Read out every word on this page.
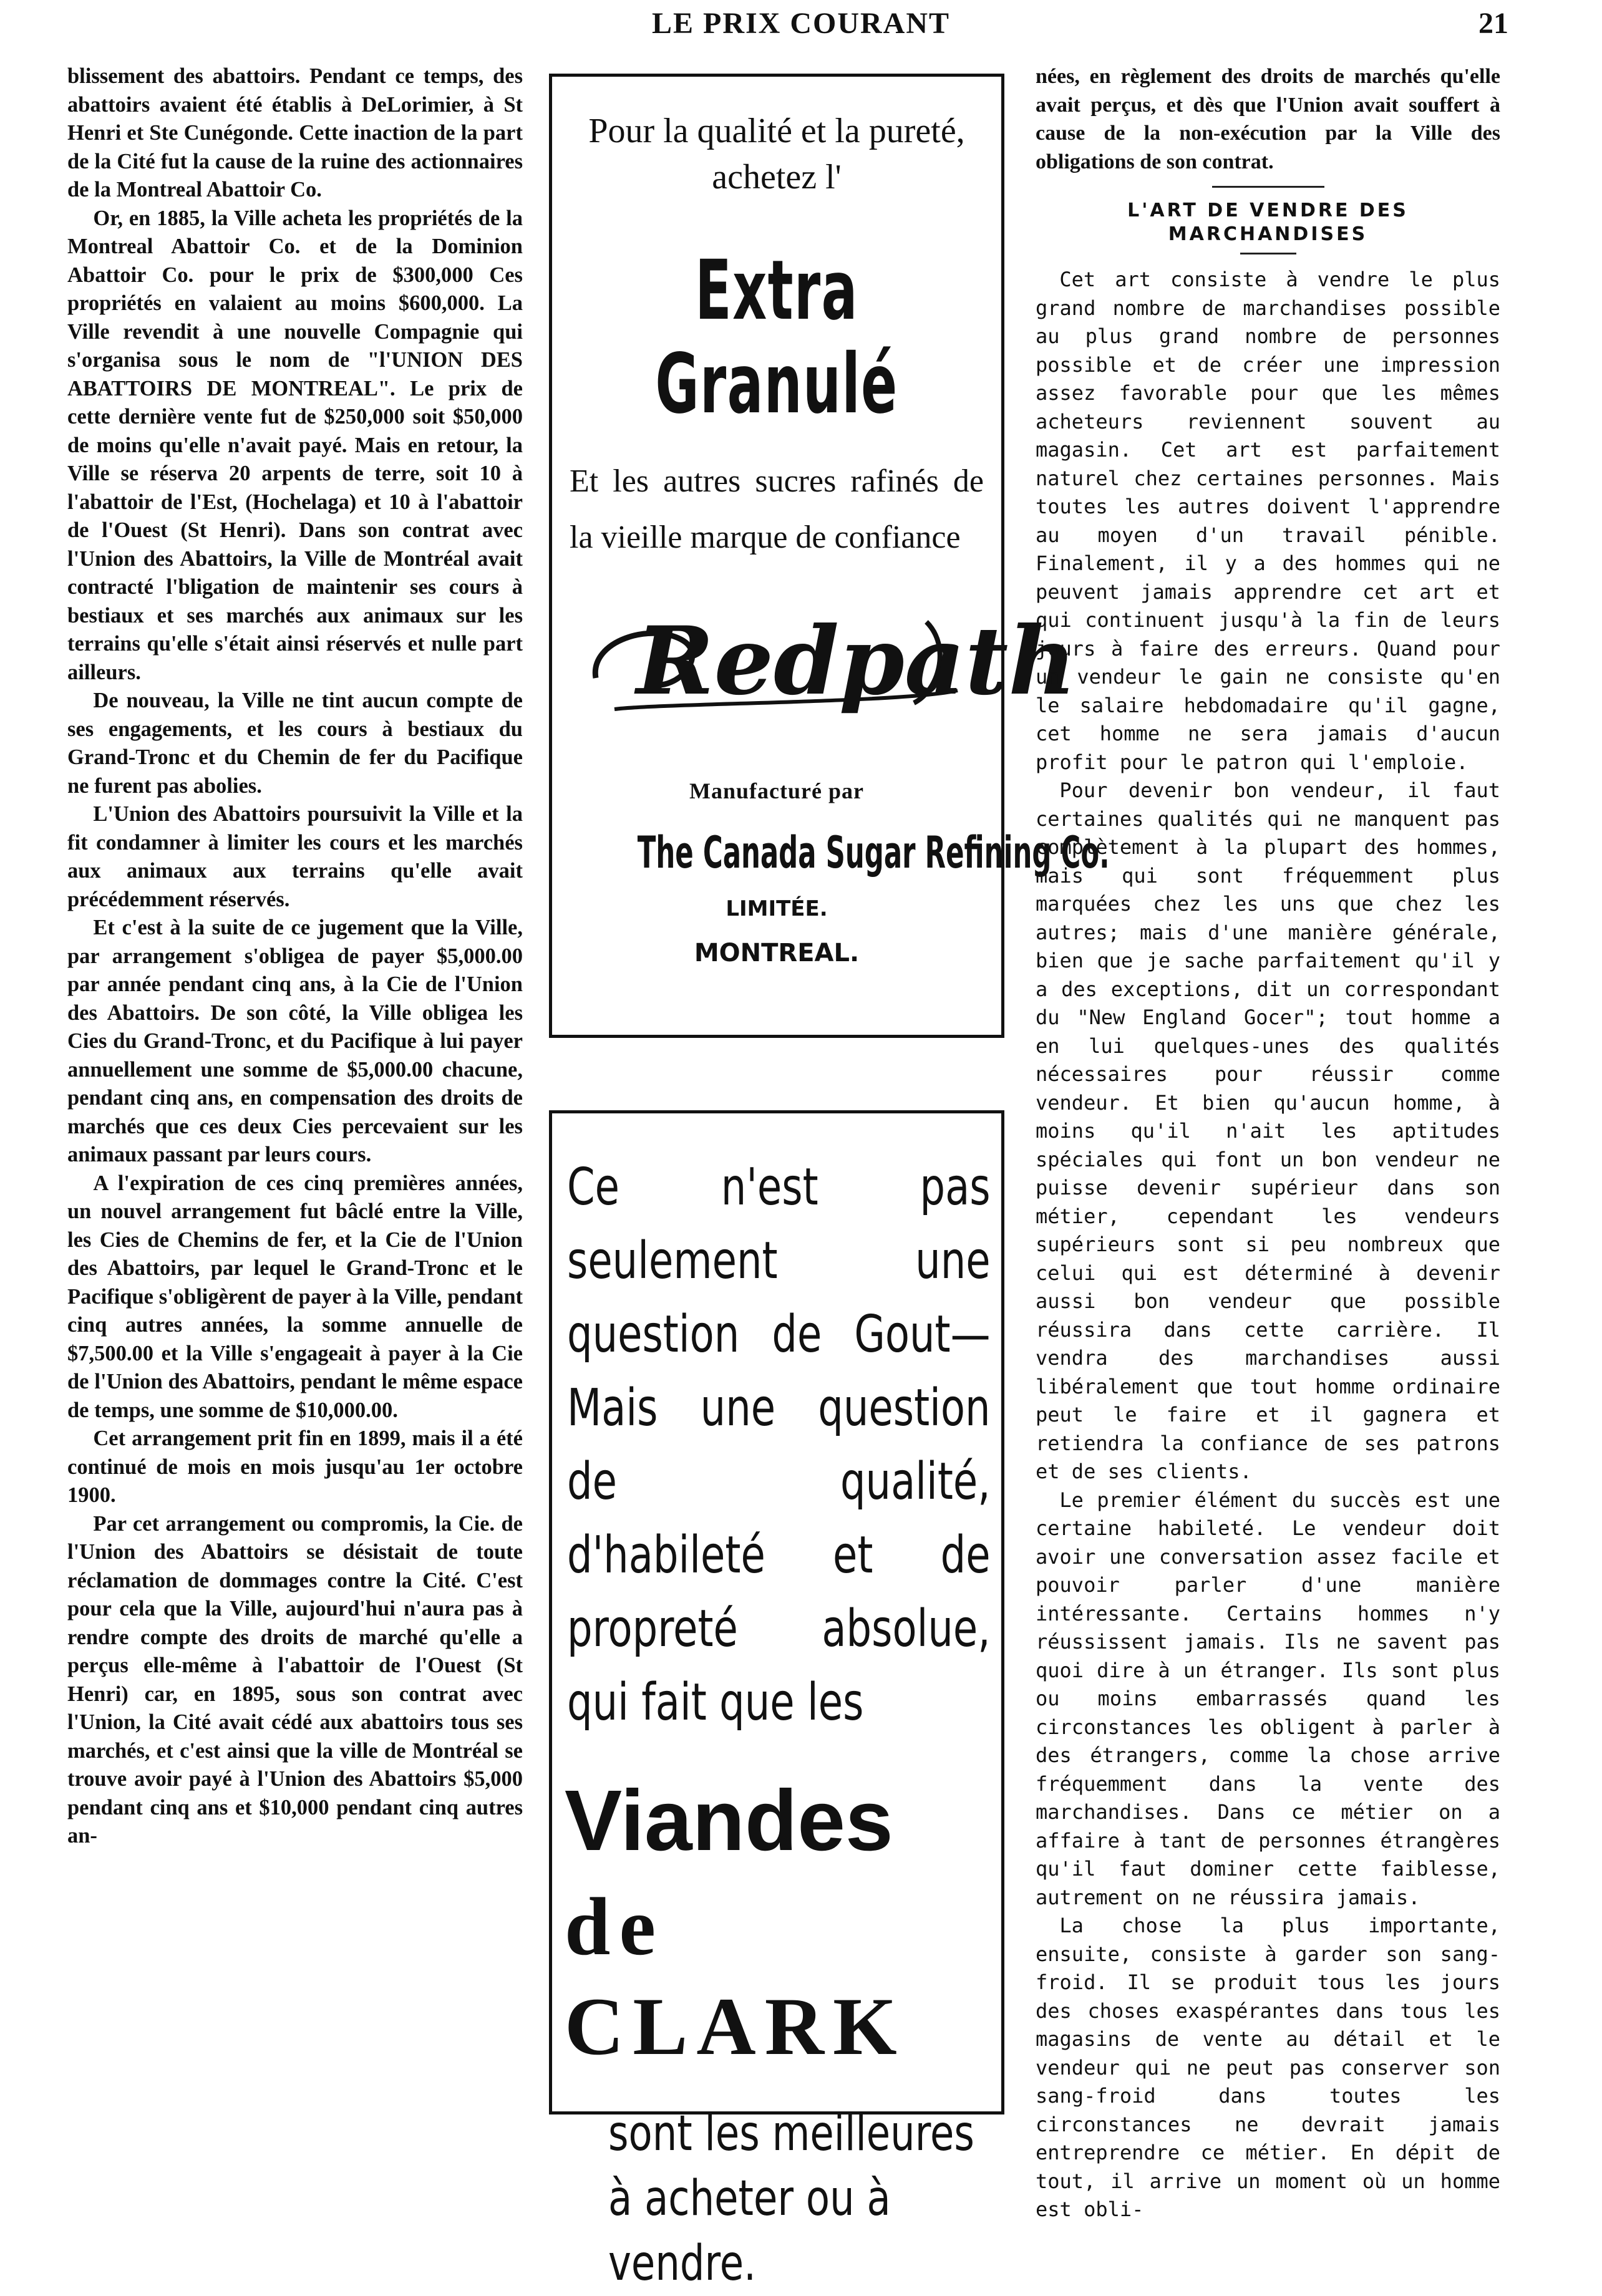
LE PRIX COURANT	21

blissement des abattoirs. Pendant ce temps, des abattoirs avaient été établis à DeLorimier, à St Henri et Ste Cunégonde. Cette inaction de la part de la Cité fut la cause de la ruine des actionnaires de la Montreal Abattoir Co.

Or, en 1885, la Ville acheta les propriétés de la Montreal Abattoir Co. et de la Dominion Abattoir Co. pour le prix de $300,000 Ces propriétés en valaient au moins $600,000. La Ville revendit à une nouvelle Compagnie qui s'organisa sous le nom de "l'UNION DES ABATTOIRS DE MONTREAL". Le prix de cette dernière vente fut de $250,000 soit $50,000 de moins qu'elle n'avait payé. Mais en retour, la Ville se réserva 20 arpents de terre, soit 10 à l'abattoir de l'Est, (Hochelaga) et 10 à l'abattoir de l'Ouest (St Henri). Dans son contrat avec l'Union des Abattoirs, la Ville de Montréal avait contracté l'bligation de maintenir ses cours à bestiaux et ses marchés aux animaux sur les terrains qu'elle s'était ainsi réservés et nulle part ailleurs.

De nouveau, la Ville ne tint aucun compte de ses engagements, et les cours à bestiaux du Grand-Tronc et du Chemin de fer du Pacifique ne furent pas abolies.

L'Union des Abattoirs poursuivit la Ville et la fit condamner à limiter les cours et les marchés aux animaux aux terrains qu'elle avait précédemment réservés.

Et c'est à la suite de ce jugement que la Ville, par arrangement s'obligea de payer $5,000.00 par année pendant cinq ans, à la Cie de l'Union des Abattoirs. De son côté, la Ville obligea les Cies du Grand-Tronc, et du Pacifique à lui payer annuellement une somme de $5,000.00 chacune, pendant cinq ans, en compensation des droits de marchés que ces deux Cies percevaient sur les animaux passant par leurs cours.

A l'expiration de ces cinq premières années, un nouvel arrangement fut bâclé entre la Ville, les Cies de Chemins de fer, et la Cie de l'Union des Abattoirs, par lequel le Grand-Tronc et le Pacifique s'obligèrent de payer à la Ville, pendant cinq autres années, la somme annuelle de $7,500.00 et la Ville s'engageait à payer à la Cie de l'Union des Abattoirs, pendant le même espace de temps, une somme de $10,000.00.

Cet arrangement prit fin en 1899, mais il a été continué de mois en mois jusqu'au 1er octobre 1900.

Par cet arrangement ou compromis, la Cie. de l'Union des Abattoirs se désistait de toute réclamation de dommages contre la Cité. C'est pour cela que la Ville, aujourd'hui n'aura pas à rendre compte des droits de marché qu'elle a perçus elle-même à l'abattoir de l'Ouest (St Henri) car, en 1895, sous son contrat avec l'Union, la Cité avait cédé aux abattoirs tous ses marchés, et c'est ainsi que la ville de Montréal se trouve avoir payé à l'Union des Abattoirs $5,000 pendant cinq ans et $10,000 pendant cinq autres an-

Pour la qualité et la pureté,
achetez l'
Extra Granulé
Et les autres sucres rafinés de la vieille marque de confiance
Redpath
Manufacturé par
The Canada Sugar Refining Co.
LIMITÉE.
MONTREAL.
Ce n'est pas seulement une question de Gout—Mais une question de qualité, d'habileté et de propreté absolue, qui fait que les
Viandes
de CLARK
sont les meilleures à acheter ou à vendre.

nées, en règlement des droits de marchés qu'elle avait perçus, et dès que l'Union avait souffert à cause de la non-exécution par la Ville des obligations de son contrat.

L'ART DE VENDRE DES MARCHANDISES

Cet art consiste à vendre le plus grand nombre de marchandises possible au plus grand nombre de personnes possible et de créer une impression assez favorable pour que les mêmes acheteurs reviennent souvent au magasin. Cet art est parfaitement naturel chez certaines personnes. Mais toutes les autres doivent l'apprendre au moyen d'un travail pénible. Finalement, il y a des hommes qui ne peuvent jamais apprendre cet art et qui continuent jusqu'à la fin de leurs jours à faire des erreurs. Quand pour un vendeur le gain ne consiste qu'en le salaire hebdomadaire qu'il gagne, cet homme ne sera jamais d'aucun profit pour le patron qui l'emploie.

Pour devenir bon vendeur, il faut certaines qualités qui ne manquent pas complètement à la plupart des hommes, mais qui sont fréquemment plus marquées chez les uns que chez les autres; mais d'une manière générale, bien que je sache parfaitement qu'il y a des exceptions, dit un correspondant du "New England Gocer"; tout homme a en lui quelques-unes des qualités nécessaires pour réussir comme vendeur. Et bien qu'aucun homme, à moins qu'il n'ait les aptitudes spéciales qui font un bon vendeur ne puisse devenir supérieur dans son métier, cependant les vendeurs supérieurs sont si peu nombreux que celui qui est déterminé à devenir aussi bon vendeur que possible réussira dans cette carrière. Il vendra des marchandises aussi libéralement que tout homme ordinaire peut le faire et il gagnera et retiendra la confiance de ses patrons et de ses clients.

Le premier élément du succès est une certaine habileté. Le vendeur doit avoir une conversation assez facile et pouvoir parler d'une manière intéressante. Certains hommes n'y réussissent jamais. Ils ne savent pas quoi dire à un étranger. Ils sont plus ou moins embarrassés quand les circonstances les obligent à parler à des étrangers, comme la chose arrive fréquemment dans la vente des marchandises. Dans ce métier on a affaire à tant de personnes étrangères qu'il faut dominer cette faiblesse, autrement on ne réussira jamais.

La chose la plus importante, ensuite, consiste à garder son sang-froid. Il se produit tous les jours des choses exaspérantes dans tous les magasins de vente au détail et le vendeur qui ne peut pas conserver son sang-froid dans toutes les circonstances ne devrait jamais entreprendre ce métier. En dépit de tout, il arrive un moment où un homme est obli-
